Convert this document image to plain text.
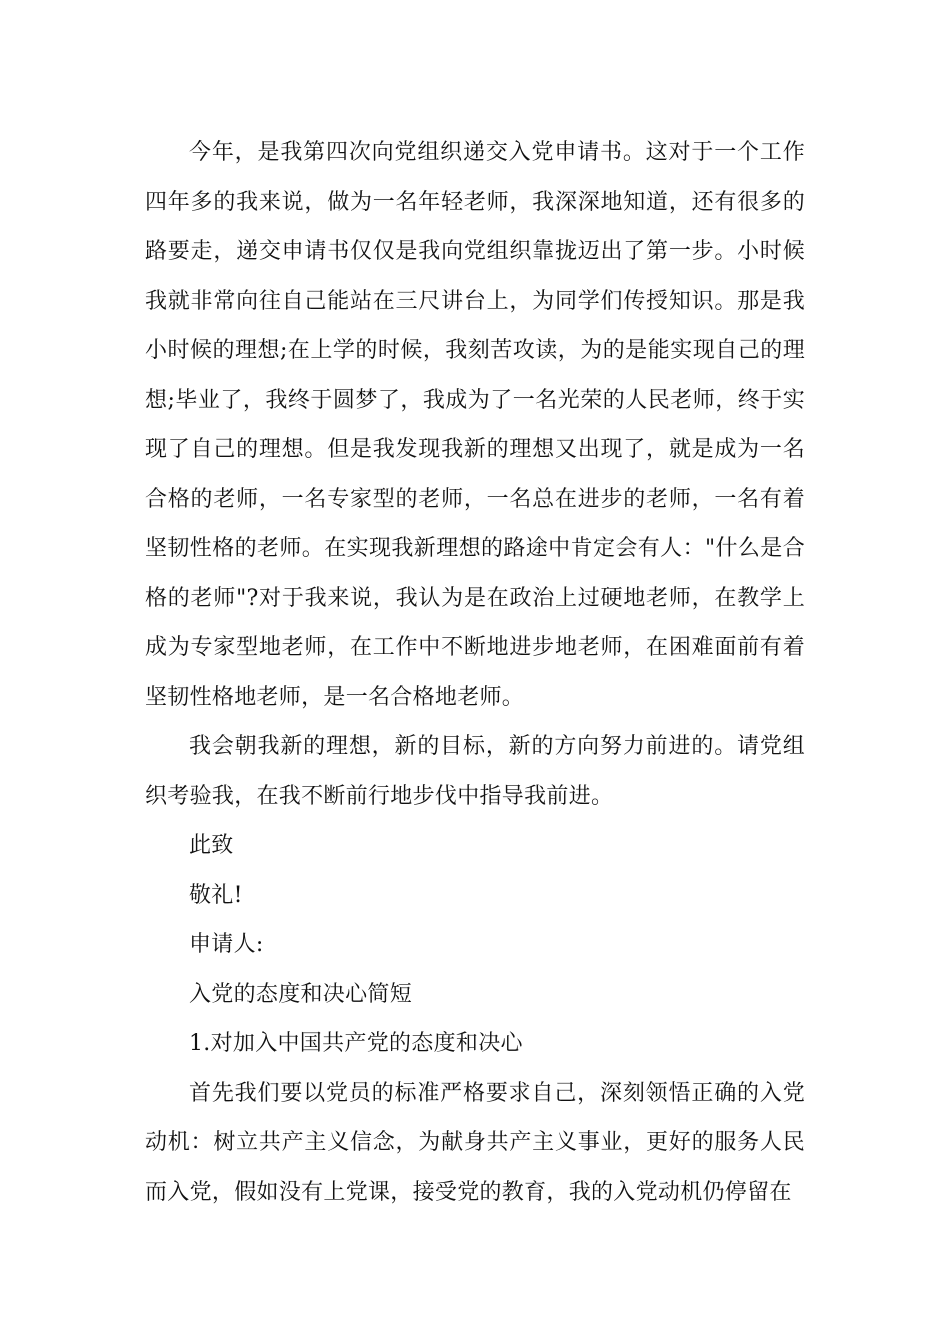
今年，是我第四次向党组织递交入党申请书。这对于一个工作四年多的我来说，做为一名年轻老师，我深深地知道，还有很多的路要走，递交申请书仅仅是我向党组织靠拢迈出了第一步。小时候我就非常向往自己能站在三尺讲台上，为同学们传授知识。那是我小时候的理想;在上学的时候，我刻苦攻读，为的是能实现自己的理想;毕业了，我终于圆梦了，我成为了一名光荣的人民老师，终于实现了自己的理想。但是我发现我新的理想又出现了，就是成为一名合格的老师，一名专家型的老师，一名总在进步的老师，一名有着坚韧性格的老师。在实现我新理想的路途中肯定会有人："什么是合格的老师"?对于我来说，我认为是在政治上过硬地老师，在教学上成为专家型地老师，在工作中不断地进步地老师，在困难面前有着坚韧性格地老师，是一名合格地老师。

我会朝我新的理想，新的目标，新的方向努力前进的。请党组织考验我，在我不断前行地步伐中指导我前进。

此致

敬礼!

申请人:

入党的态度和决心简短

1.对加入中国共产党的态度和决心

首先我们要以党员的标准严格要求自己，深刻领悟正确的入党动机：树立共产主义信念，为献身共产主义事业，更好的服务人民而入党，假如没有上党课，接受党的教育，我的入党动机仍停留在
